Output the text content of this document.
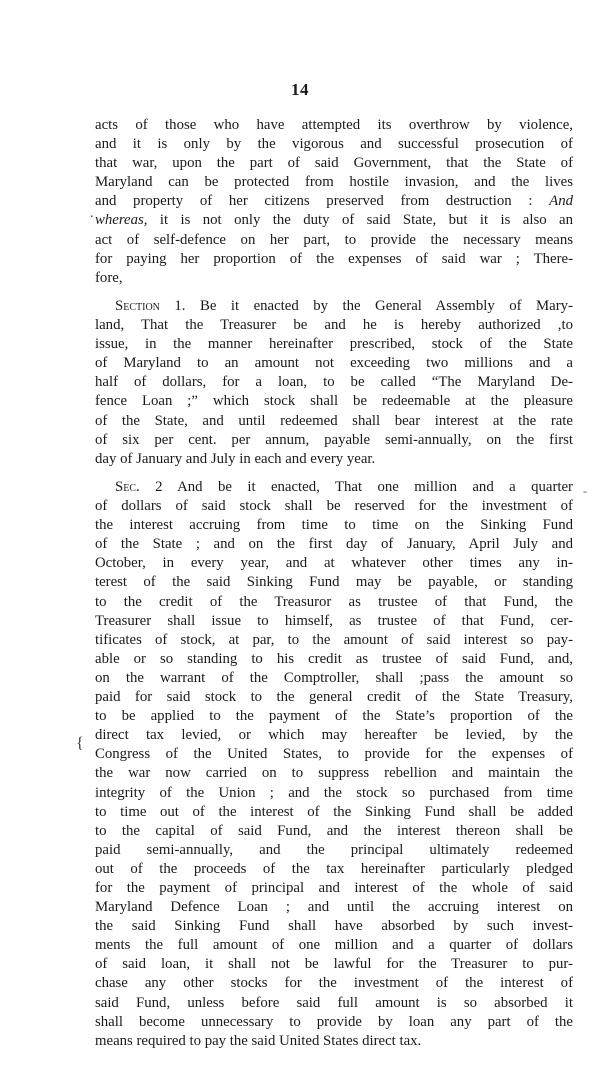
14
.
{
-
acts of those who have attempted its overthrow by violence,
and it is only by the vigorous and successful prosecution of
that war, upon the part of said Government, that the State of
Maryland can be protected from hostile invasion, and the lives
and property of her citizens preserved from destruction : And
whereas, it is not only the duty of said State, but it is also an
act of self-defence on her part, to provide the necessary means
for paying her proportion of the expenses of said war ; There-
fore,
Section 1. Be it enacted by the General Assembly of Mary-
land, That the Treasurer be and he is hereby authorized ,to
issue, in the manner hereinafter prescribed, stock of the State
of Maryland to an amount not exceeding two millions and a
half of dollars, for a loan, to be called “The Maryland De-
fence Loan ;” which stock shall be redeemable at the pleasure
of the State, and until redeemed shall bear interest at the rate
of six per cent. per annum, payable semi-annually, on the first
day of January and July in each and every year.
Sec. 2 And be it enacted, That one million and a quarter
of dollars of said stock shall be reserved for the investment of
the interest accruing from time to time on the Sinking Fund
of the State ; and on the first day of January, April July and
October, in every year, and at whatever other times any in-
terest of the said Sinking Fund may be payable, or standing
to the credit of the Treasuror as trustee of that Fund, the
Treasurer shall issue to himself, as trustee of that Fund, cer-
tificates of stock, at par, to the amount of said interest so pay-
able or so standing to his credit as trustee of said Fund, and,
on the warrant of the Comptroller, shall ;pass the amount so
paid for said stock to the general credit of the State Treasury,
to be applied to the payment of the State’s proportion of the
direct tax levied, or which may hereafter be levied, by the
Congress of the United States, to provide for the expenses of
the war now carried on to suppress rebellion and maintain the
integrity of the Union ; and the stock so purchased from time
to time out of the interest of the Sinking Fund shall be added
to the capital of said Fund, and the interest thereon shall be
paid semi-annually, and the principal ultimately redeemed
out of the proceeds of the tax hereinafter particularly pledged
for the payment of principal and interest of the whole of said
Maryland Defence Loan ; and until the accruing interest on
the said Sinking Fund shall have absorbed by such invest-
ments the full amount of one million and a quarter of dollars
of said loan, it shall not be lawful for the Treasurer to pur-
chase any other stocks for the investment of the interest of
said Fund, unless before said full amount is so absorbed it
shall become unnecessary to provide by loan any part of the
means required to pay the said United States direct tax.
